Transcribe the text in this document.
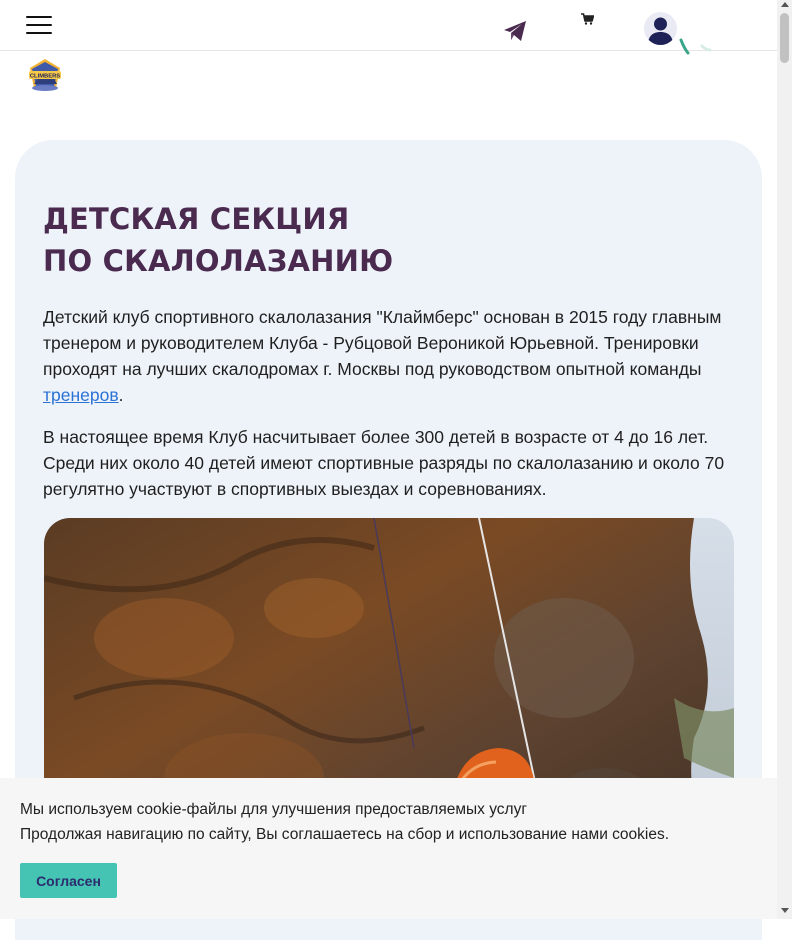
CLIMBERS
ДЕТСКАЯ СЕКЦИЯ
ПО СКАЛОЛАЗАНИЮ

Детский клуб спортивного скалолазания "Клаймберс" основан в 2015 году главным тренером и руководителем Клуба - Рубцовой Вероникой Юрьевной. Тренировки проходят на лучших скалодромах г. Москвы под руководством опытной команды тренеров.

В настоящее время Клуб насчитывает более 300 детей в возрасте от 4 до 16 лет. Среди них около 40 детей имеют спортивные разряды по скалолазанию и около 70 регулятно участвуют в спортивных выездах и соревнованиях.

Мы используем cookie-файлы для улучшения предоставляемых услуг

Продолжая навигацию по сайту, Вы соглашаетесь на сбор и использование нами cookies.

Согласен
